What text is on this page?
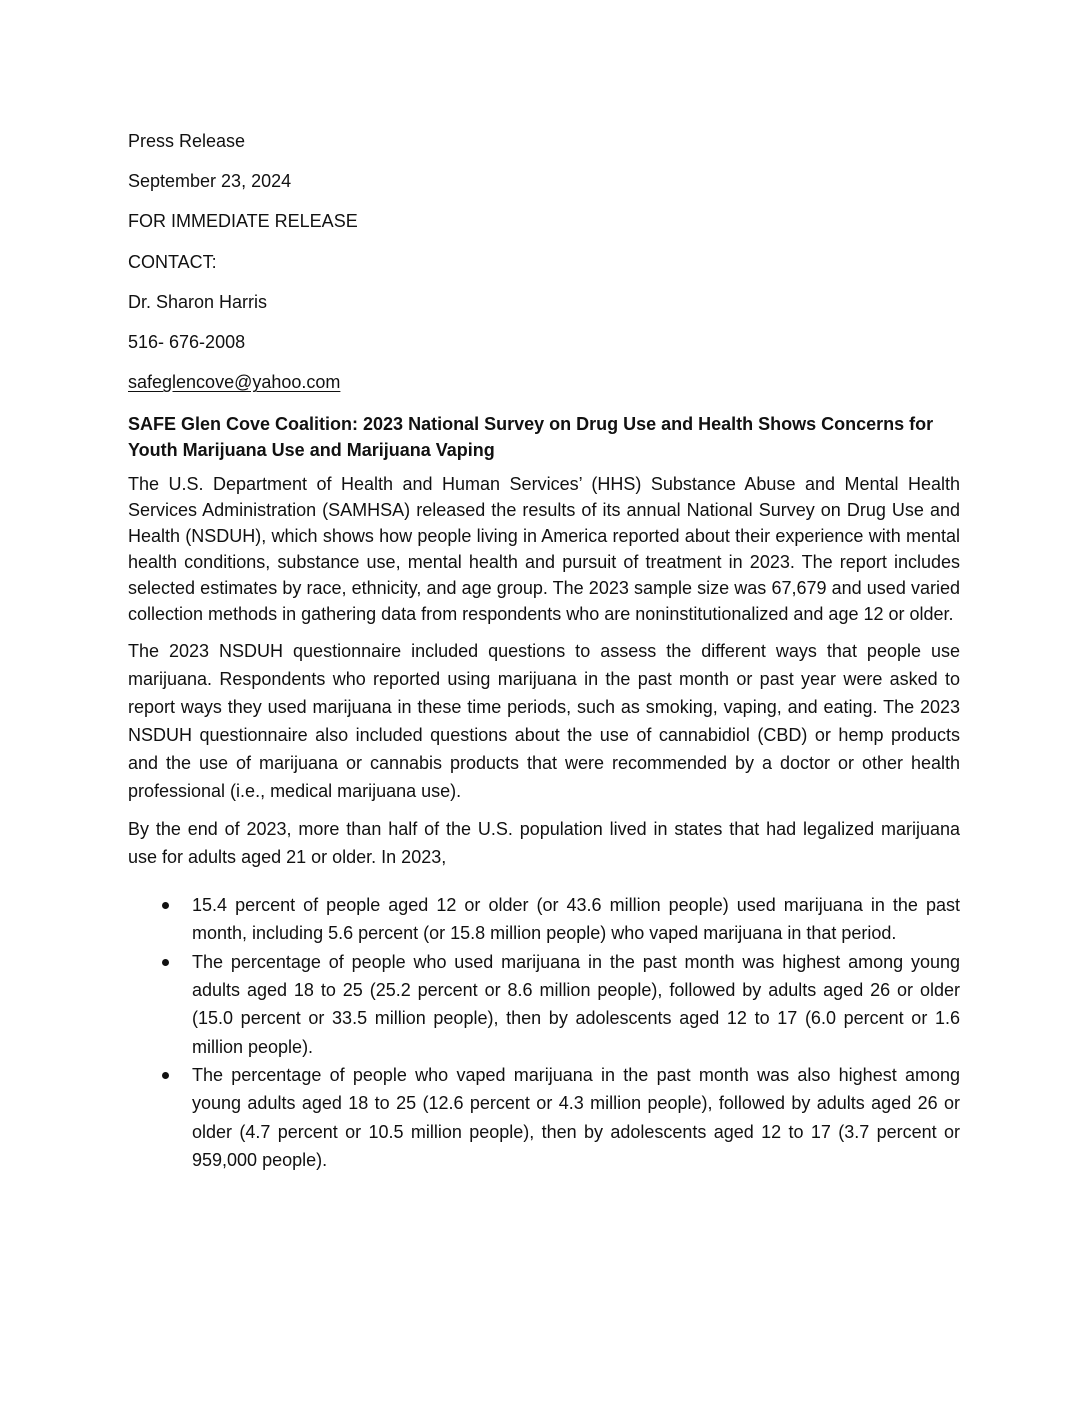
Press Release
September 23, 2024
FOR IMMEDIATE RELEASE
CONTACT:
Dr. Sharon Harris
516- 676-2008
safeglencove@yahoo.com
SAFE Glen Cove Coalition: 2023 National Survey on Drug Use and Health Shows Concerns for Youth Marijuana Use and Marijuana Vaping

The U.S. Department of Health and Human Services’ (HHS) Substance Abuse and Mental Health Services Administration (SAMHSA) released the results of its annual National Survey on Drug Use and Health (NSDUH), which shows how people living in America reported about their experience with mental health conditions, substance use, mental health and pursuit of treatment in 2023. The report includes selected estimates by race, ethnicity, and age group. The 2023 sample size was 67,679 and used varied collection methods in gathering data from respondents who are noninstitutionalized and age 12 or older.

The 2023 NSDUH questionnaire included questions to assess the different ways that people use marijuana. Respondents who reported using marijuana in the past month or past year were asked to report ways they used marijuana in these time periods, such as smoking, vaping, and eating. The 2023 NSDUH questionnaire also included questions about the use of cannabidiol (CBD) or hemp products and the use of marijuana or cannabis products that were recommended by a doctor or other health professional (i.e., medical marijuana use).

By the end of 2023, more than half of the U.S. population lived in states that had legalized marijuana use for adults aged 21 or older. In 2023,

15.4 percent of people aged 12 or older (or 43.6 million people) used marijuana in the past month, including 5.6 percent (or 15.8 million people) who vaped marijuana in that period.
The percentage of people who used marijuana in the past month was highest among young adults aged 18 to 25 (25.2 percent or 8.6 million people), followed by adults aged 26 or older (15.0 percent or 33.5 million people), then by adolescents aged 12 to 17 (6.0 percent or 1.6 million people).
The percentage of people who vaped marijuana in the past month was also highest among young adults aged 18 to 25 (12.6 percent or 4.3 million people), followed by adults aged 26 or older (4.7 percent or 10.5 million people), then by adolescents aged 12 to 17 (3.7 percent or 959,000 people).
